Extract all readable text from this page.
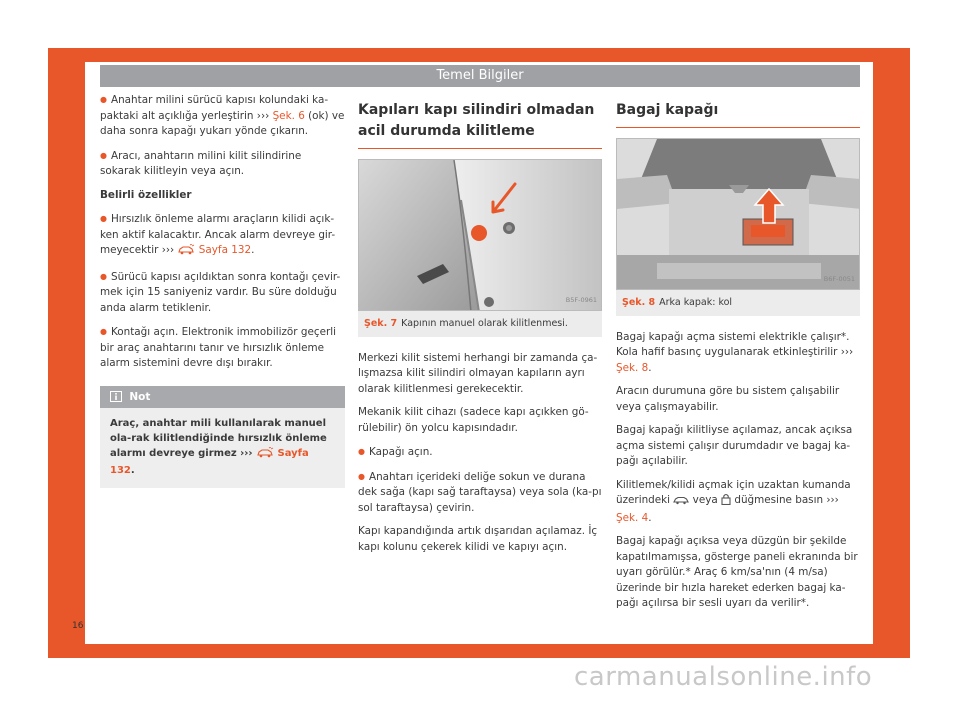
Temel Bilgiler

● Anahtar milini sürücü kapısı kolundaki ka-paktaki alt açıklığa yerleştirin ››› Şek. 6 (ok) ve daha sonra kapağı yukarı yönde çıkarın.

● Aracı, anahtarın milini kilit silindirine sokarak kilitleyin veya açın.

Belirli özellikler

● Hırsızlık önleme alarmı araçların kilidi açık-ken aktif kalacaktır. Ancak alarm devreye gir-meyecektir ›››  Sayfa 132.

● Sürücü kapısı açıldıktan sonra kontağı çevir-mek için 15 saniyeniz vardır. Bu süre dolduğu anda alarm tetiklenir.

● Kontağı açın. Elektronik immobilizör geçerli bir araç anahtarını tanır ve hırsızlık önleme alarm sistemini devre dışı bırakır.

Not
Araç, anahtar mili kullanılarak manuel ola-rak kilitlendiğinde hırsızlık önleme alarmı devreye girmez ›››  Sayfa 132.
Kapıları kapı silindiri olmadan acil durumda kilitleme
B5F-0961
Şek. 7 Kapının manuel olarak kilitlenmesi.

Merkezi kilit sistemi herhangi bir zamanda ça-lışmazsa kilit silindiri olmayan kapıların ayrı olarak kilitlenmesi gerekecektir.

Mekanik kilit cihazı (sadece kapı açıkken gö-rülebilir) ön yolcu kapısındadır.

● Kapağı açın.

● Anahtarı içerideki deliğe sokun ve durana dek sağa (kapı sağ taraftaysa) veya sola (ka-pı sol taraftaysa) çevirin.

Kapı kapandığında artık dışarıdan açılamaz. İç kapı kolunu çekerek kilidi ve kapıyı açın.

Bagaj kapağı
B6F-0051
Şek. 8 Arka kapak: kol

Bagaj kapağı açma sistemi elektrikle çalışır*. Kola hafif basınç uygulanarak etkinleştirilir ››› Şek. 8.

Aracın durumuna göre bu sistem çalışabilir veya çalışmayabilir.

Bagaj kapağı kilitliyse açılamaz, ancak açıksa açma sistemi çalışır durumdadır ve bagaj ka-pağı açılabilir.

Kilitlemek/kilidi açmak için uzaktan kumanda üzerindeki  veya  düğmesine basın ››› Şek. 4.

Bagaj kapağı açıksa veya düzgün bir şekilde kapatılmamışsa, gösterge paneli ekranında bir uyarı görülür.* Araç 6 km/sa'nın (4 m/sa) üzerinde bir hızla hareket ederken bagaj ka-pağı açılırsa bir sesli uyarı da verilir*.

16
carmanualsonline.info
